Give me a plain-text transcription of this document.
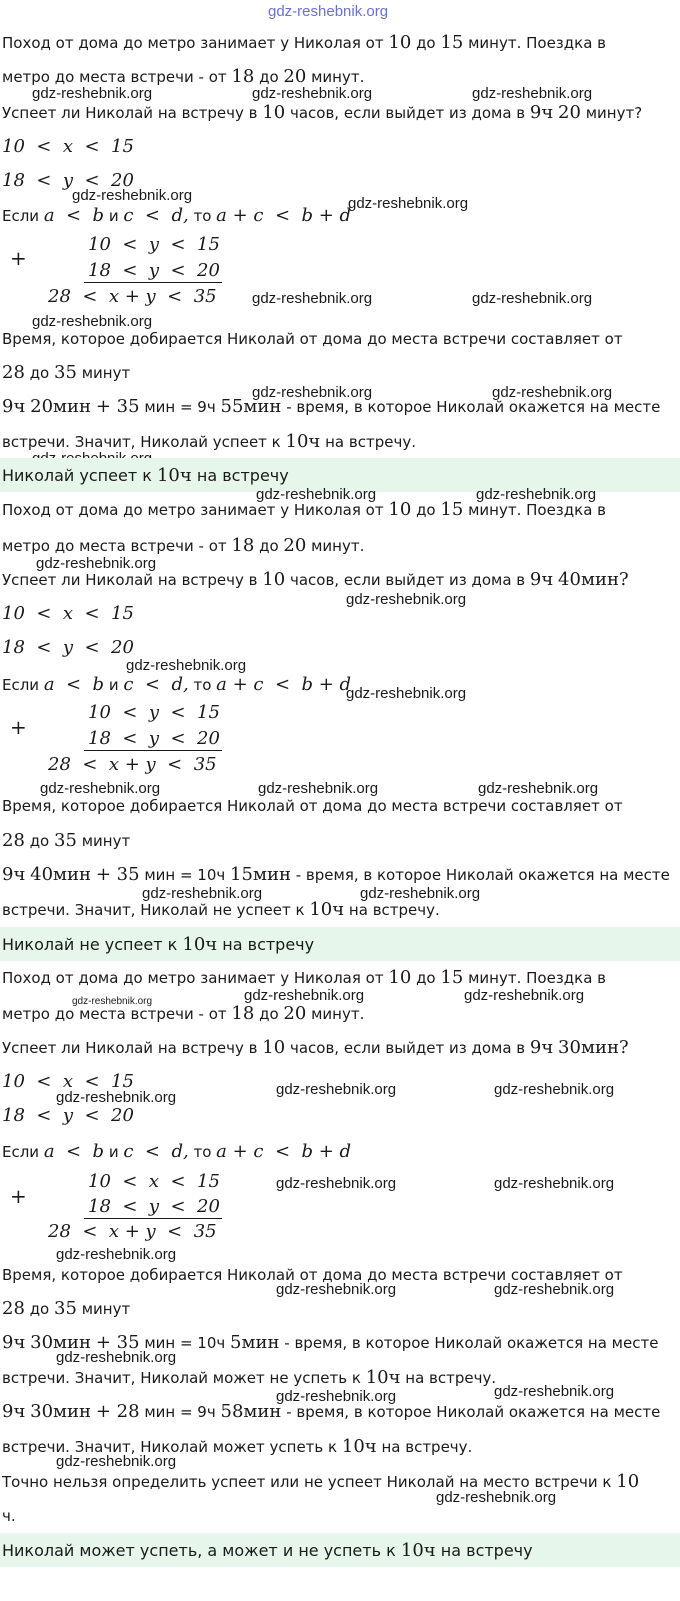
gdz-reshebnik.org
Поход от дома до метро занимает у Николая от 10 до 15 минут. Поездка в
метро до места встречи - от 18 до 20 минут.
gdz-reshebnik.org	gdz-reshebnik.org	gdz-reshebnik.org
Успеет ли Николай на встречу в 10 часов, если выйдет из дома в 9ч 20 минут?
10  <  x  <  15
18  <  y  <  20
gdz-reshebnik.org	gdz-reshebnik.org
Если a  <  b и c  <  d, то a + c  <  b + d
+
10  <  y  <  15
18  <  y  <  20
28  <  x + y  <  35 gdz-reshebnik.org	gdz-reshebnik.org
gdz-reshebnik.org
Время, которое добирается Николай от дома до места встречи составляет от
28 до 35 минут
gdz-reshebnik.org	gdz-reshebnik.org
9ч 20мин + 35 мин = 9ч 55мин - время, в которое Николай окажется на месте
встречи. Значит, Николай успеет к 10ч на встречу.
Николай успеет к 10ч на встречу
gdz-reshebnik.org	gdz-reshebnik.org
Поход от дома до метро занимает у Николая от 10 до 15 минут. Поездка в
метро до места встречи - от 18 до 20 минут.
gdz-reshebnik.org
Успеет ли Николай на встречу в 10 часов, если выйдет из дома в 9ч 40мин?
gdz-reshebnik.org
10  <  x  <  15
18  <  y  <  20
gdz-reshebnik.org
Если a  <  b и c  <  d, то a + c  <  b + d
gdz-reshebnik.org
+
10  <  y  <  15
18  <  y  <  20
28  <  x + y  <  35
gdz-reshebnik.org	gdz-reshebnik.org	gdz-reshebnik.org
Время, которое добирается Николай от дома до места встречи составляет от
28 до 35 минут
9ч 40мин + 35 мин = 10ч 15мин - время, в которое Николай окажется на месте
gdz-reshebnik.org	gdz-reshebnik.org
встречи. Значит, Николай не успеет к 10ч на встречу.
Николай не успеет к 10ч на встречу
Поход от дома до метро занимает у Николая от 10 до 15 минут. Поездка в
gdz-reshebnik.org	gdz-reshebnik.org	gdz-reshebnik.org
метро до места встречи - от 18 до 20 минут.
Успеет ли Николай на встречу в 10 часов, если выйдет из дома в 9ч 30мин?
10  <  x  <  15	gdz-reshebnik.org	gdz-reshebnik.org
gdz-reshebnik.org
18  <  y  <  20
Если a  <  b и c  <  d, то a + c  <  b + d
+
10  <  x  <  15	gdz-reshebnik.org	gdz-reshebnik.org
18  <  y  <  20
28  <  x + y  <  35
gdz-reshebnik.org
Время, которое добирается Николай от дома до места встречи составляет от
gdz-reshebnik.org	gdz-reshebnik.org
28 до 35 минут
9ч 30мин + 35 мин = 10ч 5мин - время, в которое Николай окажется на месте
gdz-reshebnik.org
встречи. Значит, Николай может не успеть к 10ч на встречу.
gdz-reshebnik.org	gdz-reshebnik.org
9ч 30мин + 28 мин = 9ч 58мин - время, в которое Николай окажется на месте
встречи. Значит, Николай может успеть к 10ч на встречу.
gdz-reshebnik.org
Точно нельзя определить успеет или не успеет Николай на место встречи к 10
gdz-reshebnik.org
ч.
Николай может успеть, а может и не успеть к 10ч на встречу
